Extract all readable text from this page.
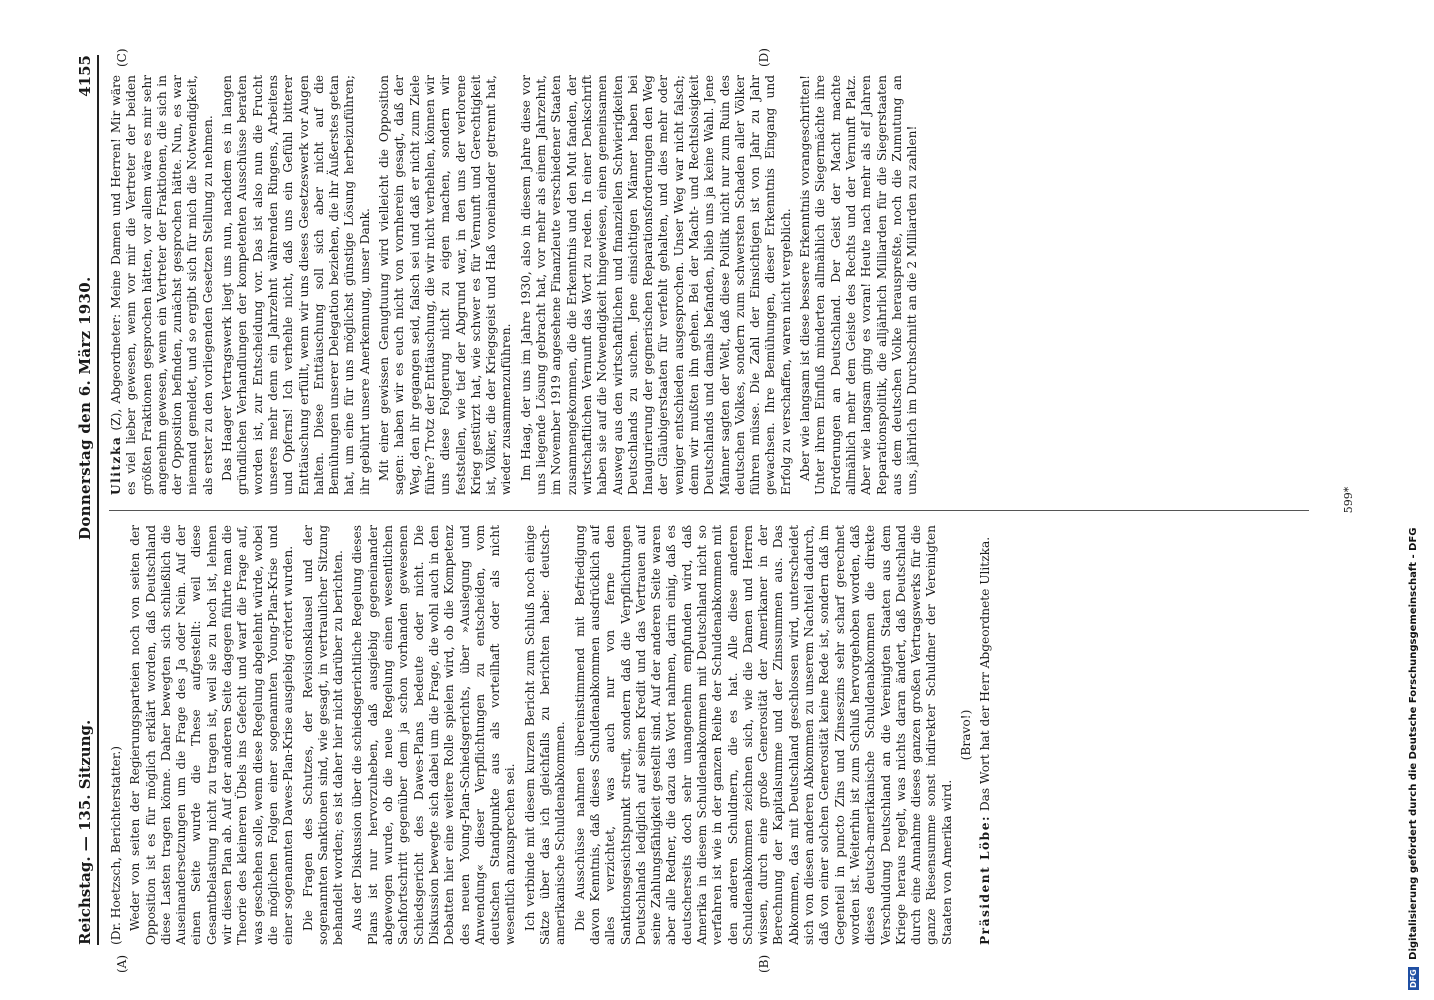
Reichstag. — 135. Sitzung.
Donnerstag den 6. März 1930.
4155
(A)	(B)
(C)	(D)

(Dr. Hoetzsch, Berichterstatter.) Weder von seiten der Regierungsparteien noch von seiten der Opposition ist es für möglich erklärt worden, daß Deutschland diese Lasten tragen könne. Daher bewegten sich schließlich die Auseinandersetzungen um die Frage des Ja oder Nein. Auf der einen Seite wurde die These aufgestellt: weil diese Gesamtbelastung nicht zu tragen ist, weil sie zu hoch ist, lehnen wir diesen Plan ab. Auf der anderen Seite dagegen führte man die Theorie des kleineren Übels ins Gefecht und warf die Frage auf, was geschehen solle, wenn diese Regelung abgelehnt würde, wobei die möglichen Folgen einer sogenannten Young-Plan-Krise und einer sogenannten Dawes-Plan-Krise ausgiebig erörtert wurden. Die Fragen des Schutzes, der Revisionsklausel und der sogenannten Sanktionen sind, wie gesagt, in vertraulicher Sitzung behandelt worden; es ist daher hier nicht darüber zu berichten. Aus der Diskussion über die schiedsgerichtliche Regelung dieses Plans ist nur hervorzuheben, daß ausgiebig gegeneinander abgewogen wurde, ob die neue Regelung einen wesentlichen Sachfortschritt gegenüber dem ja schon vorhanden gewesenen Schiedsgericht des Dawes-Plans bedeute oder nicht. Die Diskussion bewegte sich dabei um die Frage, die wohl auch in den Debatten hier eine weitere Rolle spielen wird, ob die Kompetenz des neuen Young-Plan-Schiedsgerichts, über »Auslegung und Anwendung« dieser Verpflichtungen zu entscheiden, vom deutschen Standpunkte aus als vorteilhaft oder als nicht wesentlich anzusprechen sei. Ich verbinde mit diesem kurzen Bericht zum Schluß noch einige Sätze über das ich gleichfalls zu berichten habe: deutsch-amerikanische Schuldenabkommen. Die Ausschüsse nahmen übereinstimmend mit Befriedigung davon Kenntnis, daß dieses Schuldenabkommen ausdrücklich auf alles verzichtet, was auch nur von ferne den Sanktionsgesichtspunkt streift, sondern daß die Verpflichtungen Deutschlands lediglich auf seinen Kredit und das Vertrauen auf seine Zahlungsfähigkeit gestellt sind. Auf der anderen Seite waren aber alle Redner, die dazu das Wort nahmen, darin einig, daß es deutscherseits doch sehr unangenehm empfunden wird, daß Amerika in diesem Schuldenabkommen mit Deutschland nicht so verfahren ist wie in der ganzen Reihe der Schuldenabkommen mit den anderen Schuldnern, die es hat. Alle diese anderen Schuldenabkommen zeichnen sich, wie die Damen und Herren wissen, durch eine große Generosität der Amerikaner in der Berechnung der Kapitalsumme und der Zinssummen aus. Das Abkommen, das mit Deutschland geschlossen wird, unterscheidet sich von diesen anderen Abkommen zu unserem Nachteil dadurch, daß von einer solchen Generosität keine Rede ist, sondern daß im Gegenteil in puncto Zins und Zinseszins sehr scharf gerechnet worden ist. Weiterhin ist zum Schluß hervorgehoben worden, daß dieses deutsch-amerikanische Schuldenabkommen die direkte Verschuldung Deutschland an die Vereinigten Staaten aus dem Kriege heraus regelt, was nichts daran ändert, daß Deutschland durch eine Annahme dieses ganzen großen Vertragswerks für die ganze Riesensumme sonst indirekter Schuldner der Vereinigten Staaten von Amerika wird.

(Bravo!)

Präsident Löbe: Das Wort hat der Herr Abgeordnete Ulitzka.

Ulitzka (Z), Abgeordneter: Meine Damen und Herren! Mir wäre es viel lieber gewesen, wenn vor mir die Vertreter der beiden größten Fraktionen gesprochen hätten, vor allem wäre es mir sehr angenehm gewesen, wenn ein Vertreter der Fraktionen, die sich in der Opposition befinden, zunächst gesprochen hätte. Nun, es war niemand gemeldet, und so ergibt sich für mich die Notwendigkeit, als erster zu den vorliegenden Gesetzen Stellung zu nehmen. Das Haager Vertragswerk liegt uns nun, nachdem es in langen gründlichen Verhandlungen der kompetenten Ausschüsse beraten worden ist, zur Entscheidung vor. Das ist also nun die Frucht unseres mehr denn ein Jahrzehnt währenden Ringens, Arbeitens und Opferns! Ich verhehle nicht, daß uns ein Gefühl bitterer Enttäuschung erfüllt, wenn wir uns dieses Gesetzeswerk vor Augen halten. Diese Enttäuschung soll sich aber nicht auf die Bemühungen unserer Delegation beziehen, die ihr Äußerstes getan hat, um eine für uns möglichst günstige Lösung herbeizuführen; ihr gebührt unsere Anerkennung, unser Dank. Mit einer gewissen Genugtuung wird vielleicht die Opposition sagen: haben wir es euch nicht von vornherein gesagt, daß der Weg, den ihr gegangen seid, falsch sei und daß er nicht zum Ziele führe? Trotz der Enttäuschung, die wir nicht verhehlen, können wir uns diese Folgerung nicht zu eigen machen, sondern wir feststellen, wie tief der Abgrund war, in den uns der verlorene Krieg gestürzt hat, wie schwer es für Vernunft und Gerechtigkeit ist, Völker, die der Kriegsgeist und Haß voneinander getrennt hat, wieder zusammenzuführen. Im Haag, der uns im Jahre 1930, also in diesem Jahre diese vor uns liegende Lösung gebracht hat, vor mehr als einem Jahrzehnt, im November 1919 angesehene Finanzleute verschiedener Staaten zusammengekommen, die die Erkenntnis und den Mut fanden, der wirtschaftlichen Vernunft das Wort zu reden. In einer Denkschrift haben sie auf die Notwendigkeit hingewiesen, einen gemeinsamen Ausweg aus den wirtschaftlichen und finanziellen Schwierigkeiten Deutschlands zu suchen. Jene einsichtigen Männer haben bei Inaugurierung der gegnerischen Reparationsforderungen den Weg der Gläubigerstaaten für verfehlt gehalten, und dies mehr oder weniger entschieden ausgesprochen. Unser Weg war nicht falsch; denn wir mußten ihn gehen. Bei der Macht- und Rechtslosigkeit Deutschlands und damals befanden, blieb uns ja keine Wahl. Jene Männer sagten der Welt, daß diese Politik nicht nur zum Ruin des deutschen Volkes, sondern zum schwersten Schaden aller Völker führen müsse. Die Zahl der Einsichtigen ist von Jahr zu Jahr gewachsen. Ihre Bemühungen, dieser Erkenntnis Eingang und Erfolg zu verschaffen, waren nicht vergeblich. Aber wie langsam ist diese bessere Erkenntnis vorangeschritten! Unter ihrem Einfluß minderten allmählich die Siegermächte ihre Forderungen an Deutschland. Der Geist der Macht machte allmählich mehr dem Geiste des Rechts und der Vernunft Platz. Aber wie langsam ging es voran! Heute nach mehr als elf Jahren Reparationspolitik, die alljährlich Milliarden für die Siegerstaaten aus dem deutschen Volke herauspreßte, noch die Zumutung an uns, jährlich im Durchschnitt an die 2 Milliarden zu zahlen!

599*
DFG Digitalisierung gefördert durch die Deutsche Forschungsgemeinschaft - DFG
